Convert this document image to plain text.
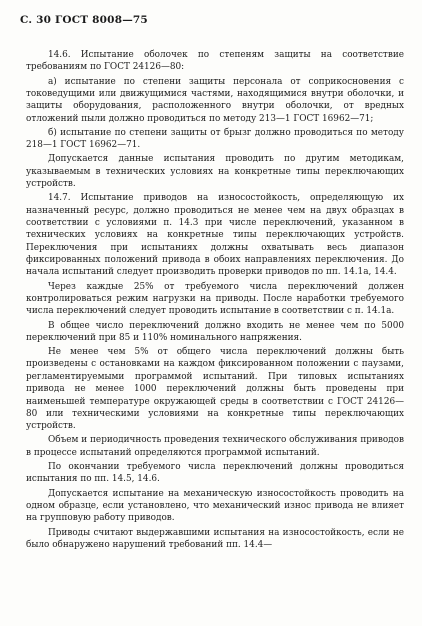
C. 30 ГОСТ 8008—75

14.6. Испытание оболочек по степеням защиты на соответствие требованиям по ГОСТ 24126—80:

а) испытание по степени защиты персонала от соприкосновения с токоведущими или движущимися частями, находящимися внутри оболочки, и защиты оборудования, расположенного внутри оболочки, от вредных отложений пыли должно проводиться по методу 213—1 ГОСТ 16962—71;

б) испытание по степени защиты от брызг должно проводиться по методу 218—1 ГОСТ 16962—71.

Допускается данные испытания проводить по другим методикам, указываемым в технических условиях на конкретные типы переключающих устройств.

14.7. Испытание приводов на износостойкость, определяющую их назначенный ресурс, должно проводиться не менее чем на двух образцах в соответствии с условиями п. 14.3 при числе переключений, указанном в технических условиях на конкретные типы переключающих устройств. Переключения при испытаниях должны охватывать весь диапазон фиксированных положений привода в обоих направлениях переключения. До начала испытаний следует производить проверки приводов по пп. 14.1а, 14.4.

Через каждые 25% от требуемого числа переключений должен контролироваться режим нагрузки на приводы. После наработки требуемого числа переключений следует проводить испытание в соответствии с п. 14.1а.

В общее число переключений должно входить не менее чем по 5000 переключений при 85 и 110% номинального напряжения.

Не менее чем 5% от общего числа переключений должны быть произведены с остановками на каждом фиксированном положении с паузами, регламентируемыми программой испытаний. При типовых испытаниях привода не менее 1000 переключений должны быть проведены при наименьшей температуре окружающей среды в соответствии с ГОСТ 24126—80 или техническими условиями на конкретные типы переключающих устройств.

Объем и периодичность проведения технического обслуживания приводов в процессе испытаний определяются программой испытаний.

По окончании требуемого числа переключений должны проводиться испытания по пп. 14.5, 14.6.

Допускается испытание на механическую износостойкость проводить на одном образце, если установлено, что механический износ привода не влияет на групповую работу приводов.

Приводы считают выдержавшими испытания на износостойкость, если не было обнаружено нарушений требований пп. 14.4—
